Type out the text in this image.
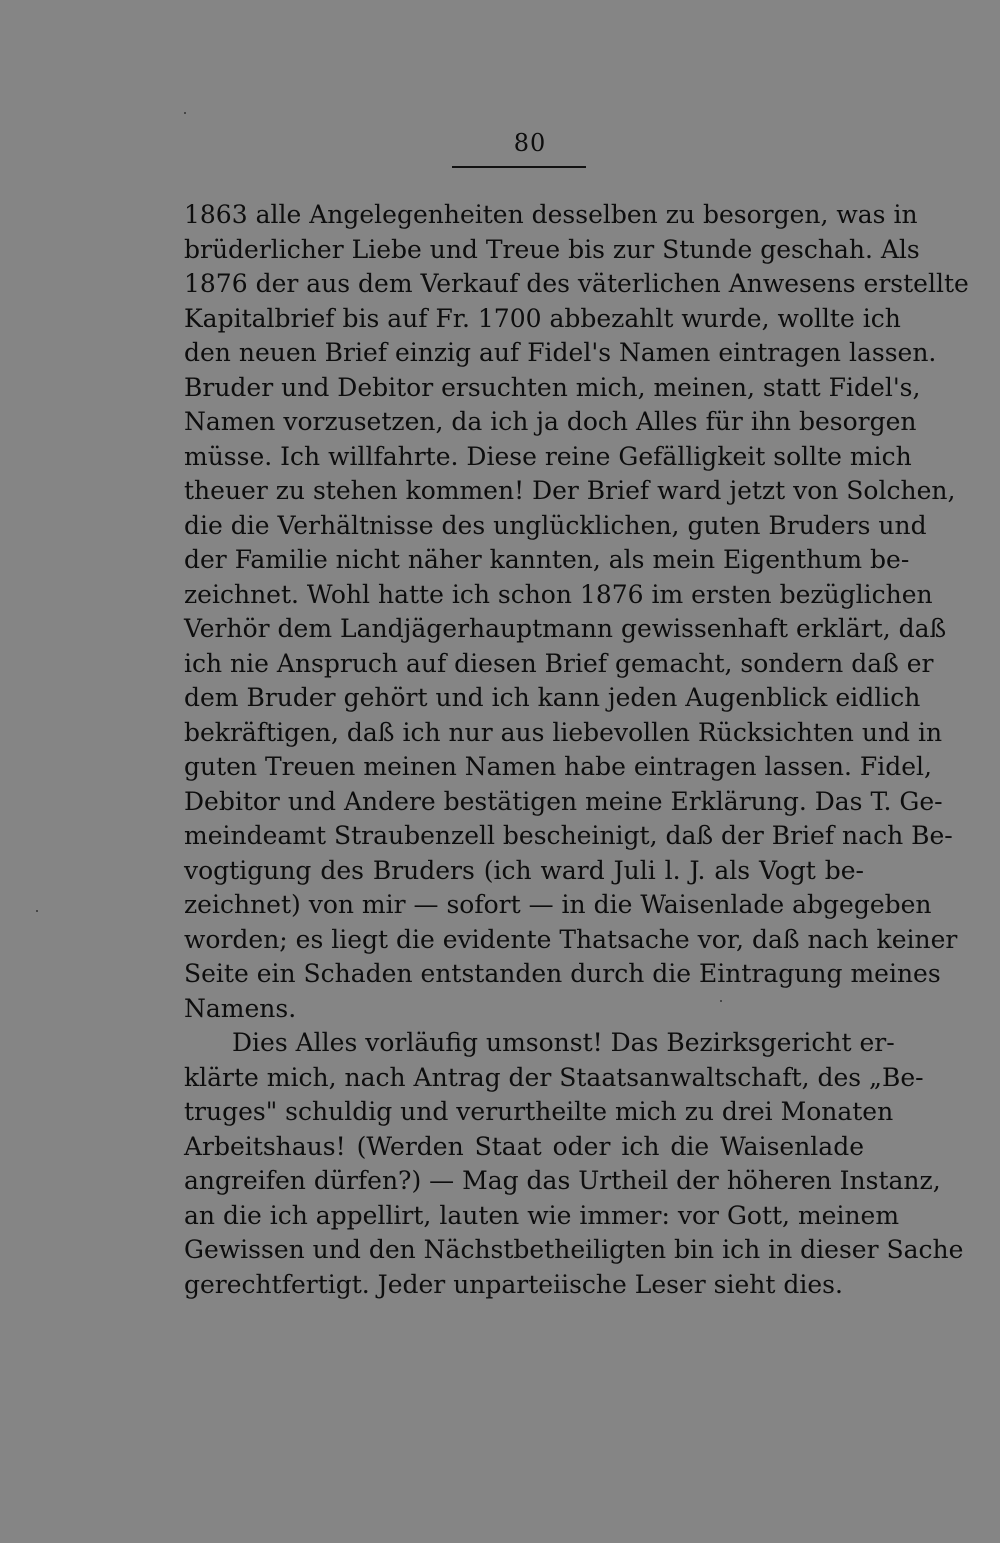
80
1863 alle Angelegenheiten desselben zu besorgen, was in
brüderlicher Liebe und Treue bis zur Stunde geschah. Als
1876 der aus dem Verkauf des väterlichen Anwesens erstellte
Kapitalbrief bis auf Fr. 1700 abbezahlt wurde, wollte ich
den neuen Brief einzig auf Fidel's Namen eintragen lassen.
Bruder und Debitor ersuchten mich, meinen, statt Fidel's,
Namen vorzusetzen, da ich ja doch Alles für ihn besorgen
müsse. Ich willfahrte. Diese reine Gefälligkeit sollte mich
theuer zu stehen kommen! Der Brief ward jetzt von Solchen,
die die Verhältnisse des unglücklichen, guten Bruders und
der Familie nicht näher kannten, als mein Eigenthum be-
zeichnet. Wohl hatte ich schon 1876 im ersten bezüglichen
Verhör dem Landjägerhauptmann gewissenhaft erklärt, daß
ich nie Anspruch auf diesen Brief gemacht, sondern daß er
dem Bruder gehört und ich kann jeden Augenblick eidlich
bekräftigen, daß ich nur aus liebevollen Rücksichten und in
guten Treuen meinen Namen habe eintragen lassen. Fidel,
Debitor und Andere bestätigen meine Erklärung. Das T. Ge-
meindeamt Straubenzell bescheinigt, daß der Brief nach Be-
vogtigung des Bruders (ich ward Juli l. J. als Vogt be-
zeichnet) von mir — sofort — in die Waisenlade abgegeben
worden; es liegt die evidente Thatsache vor, daß nach keiner
Seite ein Schaden entstanden durch die Eintragung meines
Namens.
Dies Alles vorläufig umsonst! Das Bezirksgericht er-
klärte mich, nach Antrag der Staatsanwaltschaft, des „Be-
truges" schuldig und verurtheilte mich zu drei Monaten
Arbeitshaus! (Werden Staat oder ich die Waisenlade
angreifen dürfen?) — Mag das Urtheil der höheren Instanz,
an die ich appellirt, lauten wie immer: vor Gott, meinem
Gewissen und den Nächstbetheiligten bin ich in dieser Sache
gerechtfertigt. Jeder unparteiische Leser sieht dies.
